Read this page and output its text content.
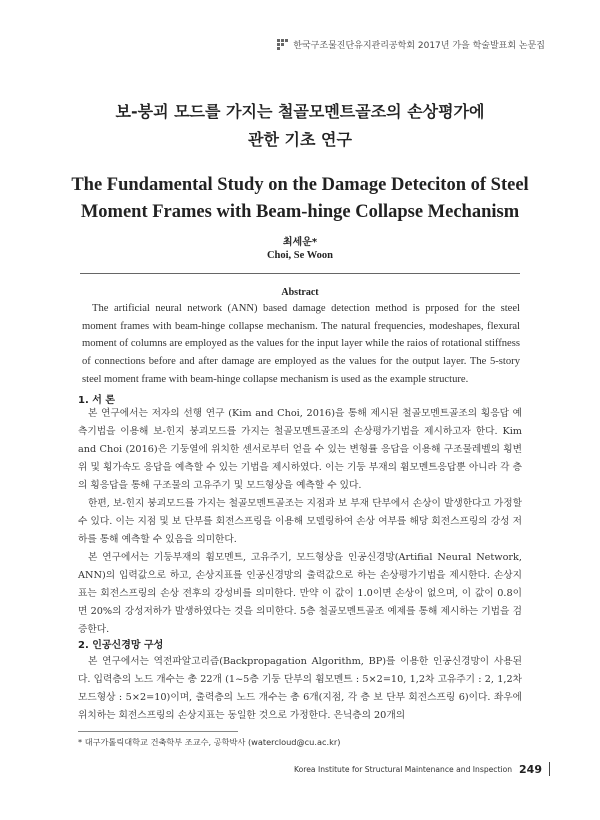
한국구조물진단유지관리공학회 2017년 가을 학술발표회 논문집
보-붕괴 모드를 가지는 철골모멘트골조의 손상평가에
관한 기초 연구
The Fundamental Study on the Damage Deteciton of Steel
Moment Frames with Beam-hinge Collapse Mechanism
최세운*
Choi, Se Woon
Abstract
The artificial neural network (ANN) based damage detection method is prposed for the steel moment frames with beam-hinge collapse mechanism. The natural frequencies, modeshapes, flexural moment of columns are employed as the values for the input layer while the raios of rotational stiffness of connections before and after damage are employed as the values for the output layer. The 5-story steel moment frame with beam-hinge collapse mechanism is used as the example structure.
1. 서 론

본 연구에서는 저자의 선행 연구 (Kim and Choi, 2016)을 통해 제시된 철골모멘트골조의 횡응답 예측기법을 이용해 보-힌지 붕괴모드를 가지는 철골모멘트골조의 손상평가기법을 제시하고자 한다. Kim and Choi (2016)은 기둥열에 위치한 센서로부터 얻을 수 있는 변형률 응답을 이용해 구조물레벨의 횡변위 및 횡가속도 응답을 예측할 수 있는 기법을 제시하였다. 이는 기둥 부재의 휨모멘트응답뿐 아니라 각 층의 횡응답을 통해 구조물의 고유주기 및 모드형상을 예측할 수 있다.

한편, 보-힌지 붕괴모드를 가지는 철골모멘트골조는 지점과 보 부재 단부에서 손상이 발생한다고 가정할 수 있다. 이는 지점 및 보 단부를 회전스프링을 이용해 모델링하여 손상 여부를 해당 회전스프링의 강성 저하를 통해 예측할 수 있음을 의미한다.

본 연구에서는 기둥부재의 휨모멘트, 고유주기, 모드형상을 인공신경망(Artifial Neural Network, ANN)의 입력값으로 하고, 손상지표를 인공신경망의 출력값으로 하는 손상평가기법을 제시한다. 손상지표는 회전스프링의 손상 전후의 강성비를 의미한다. 만약 이 값이 1.0이면 손상이 없으며, 이 값이 0.8이면 20%의 강성저하가 발생하였다는 것을 의미한다. 5층 철골모멘트골조 예제를 통해 제시하는 기법을 검증한다.

2. 인공신경망 구성

본 연구에서는 역전파알고리즘(Backpropagation Algorithm, BP)를 이용한 인공신경망이 사용된다. 입력층의 노드 개수는 총 22개 (1~5층 기둥 단부의 휨모멘트 : 5×2=10, 1,2차 고유주기 : 2, 1,2차 모드형상 : 5×2=10)이며, 출력층의 노드 개수는 총 6개(지점, 각 층 보 단부 회전스프링 6)이다. 좌우에 위치하는 회전스프링의 손상지표는 동일한 것으로 가정한다. 은닉층의 20개의

* 대구가톨릭대학교 건축학부 조교수, 공학박사 (watercloud@cu.ac.kr)
Korea Institute for Structural Maintenance and Inspection 249
